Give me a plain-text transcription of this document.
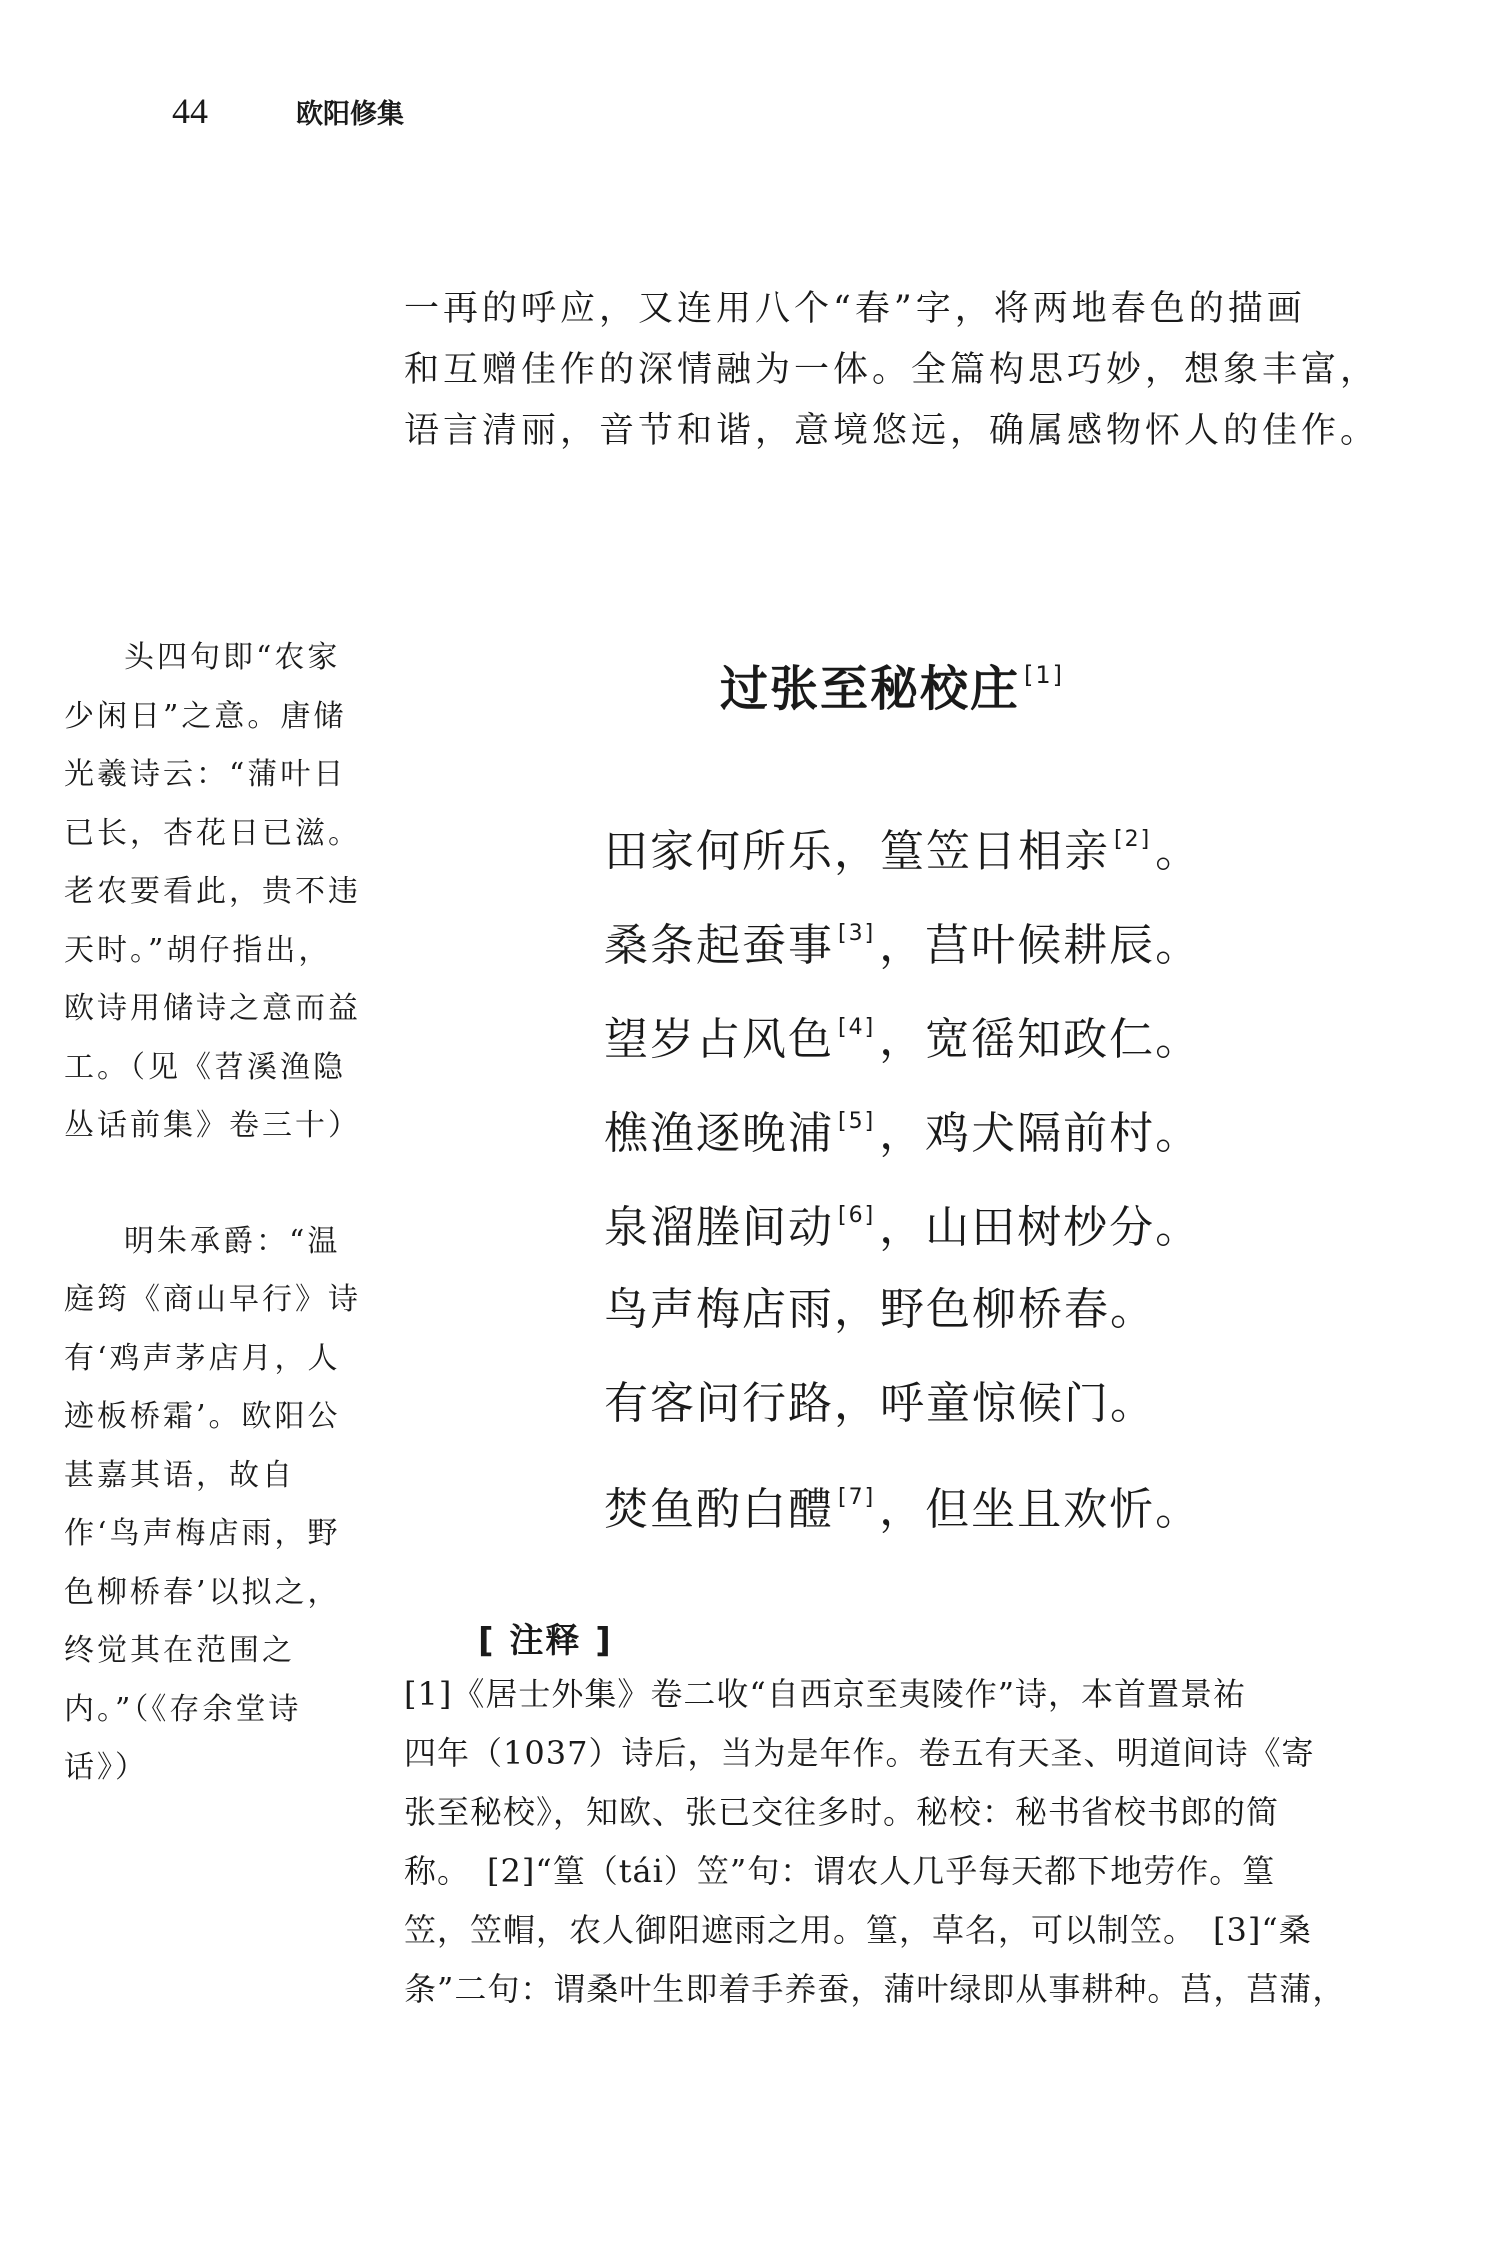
44	欧阳修集
一再的呼应，又连用八个“春”字，将两地春色的描画
和互赠佳作的深情融为一体。全篇构思巧妙，想象丰富，
语言清丽，音节和谐，意境悠远，确属感物怀人的佳作。

头四句即“农家少闲日”之意。唐储光羲诗云：“蒲叶日已长，杏花日已滋。老农要看此，贵不违天时。”胡仔指出，欧诗用储诗之意而益工。（见《苕溪渔隐丛话前集》卷三十）

明朱承爵：“温庭筠《商山早行》诗有‘鸡声茅店月，人迹板桥霜’。欧阳公甚嘉其语，故自作‘鸟声梅店雨，野色柳桥春’以拟之，终觉其在范围之内。”（《存余堂诗话》）

过张至秘校庄 [1]
田家何所乐，篁笠日相亲 [2]。
桑条起蚕事 [3]，莒叶候耕辰。
望岁占风色 [4]，宽徭知政仁。
樵渔逐晚浦 [5]，鸡犬隔前村。
泉溜塍间动 [6]，山田树杪分。
鸟声梅店雨，野色柳桥春。
有客问行路，呼童惊候门。
焚鱼酌白醴 [7]，但坐且欢忻。
[ 注释 ]
[1]《居士外集》卷二收“自西京至夷陵作”诗，本首置景祐
四年（1037）诗后，当为是年作。卷五有天圣、明道间诗《寄
张至秘校》，知欧、张已交往多时。秘校：秘书省校书郎的简
称。　[2]“篁（tái）笠”句：谓农人几乎每天都下地劳作。篁
笠，笠帽，农人御阳遮雨之用。篁，草名，可以制笠。　[3]“桑
条”二句：谓桑叶生即着手养蚕，蒲叶绿即从事耕种。莒，莒蒲，
